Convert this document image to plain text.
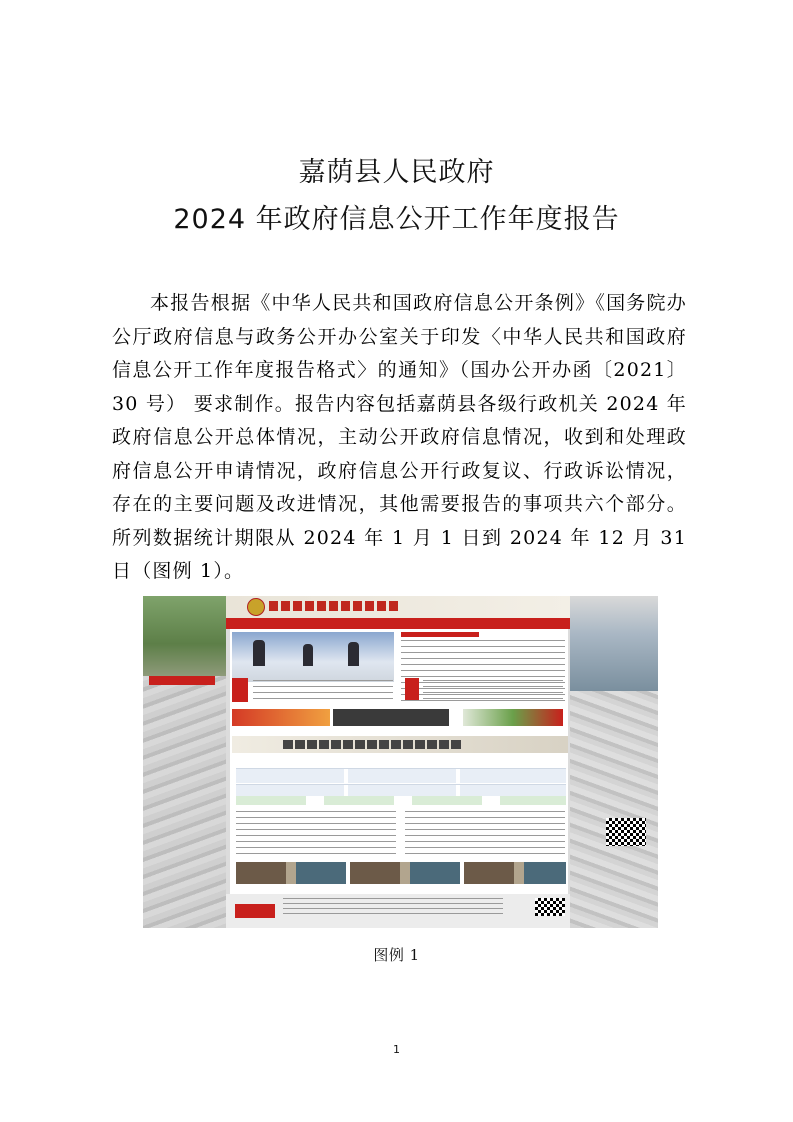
嘉荫县人民政府
2024 年政府信息公开工作年度报告

本报告根据《中华人民共和国政府信息公开条例》《国务院办公厅政府信息与政务公开办公室关于印发〈中华人民共和国政府信息公开工作年度报告格式〉的通知》（国办公开办函〔2021〕30 号） 要求制作。报告内容包括嘉荫县各级行政机关 2024 年政府信息公开总体情况，主动公开政府信息情况，收到和处理政府信息公开申请情况，政府信息公开行政复议、行政诉讼情况，存在的主要问题及改进情况，其他需要报告的事项共六个部分。所列数据统计期限从 2024 年 1 月 1 日到 2024 年 12 月 31 日（图例 1）。

图例 1
1
